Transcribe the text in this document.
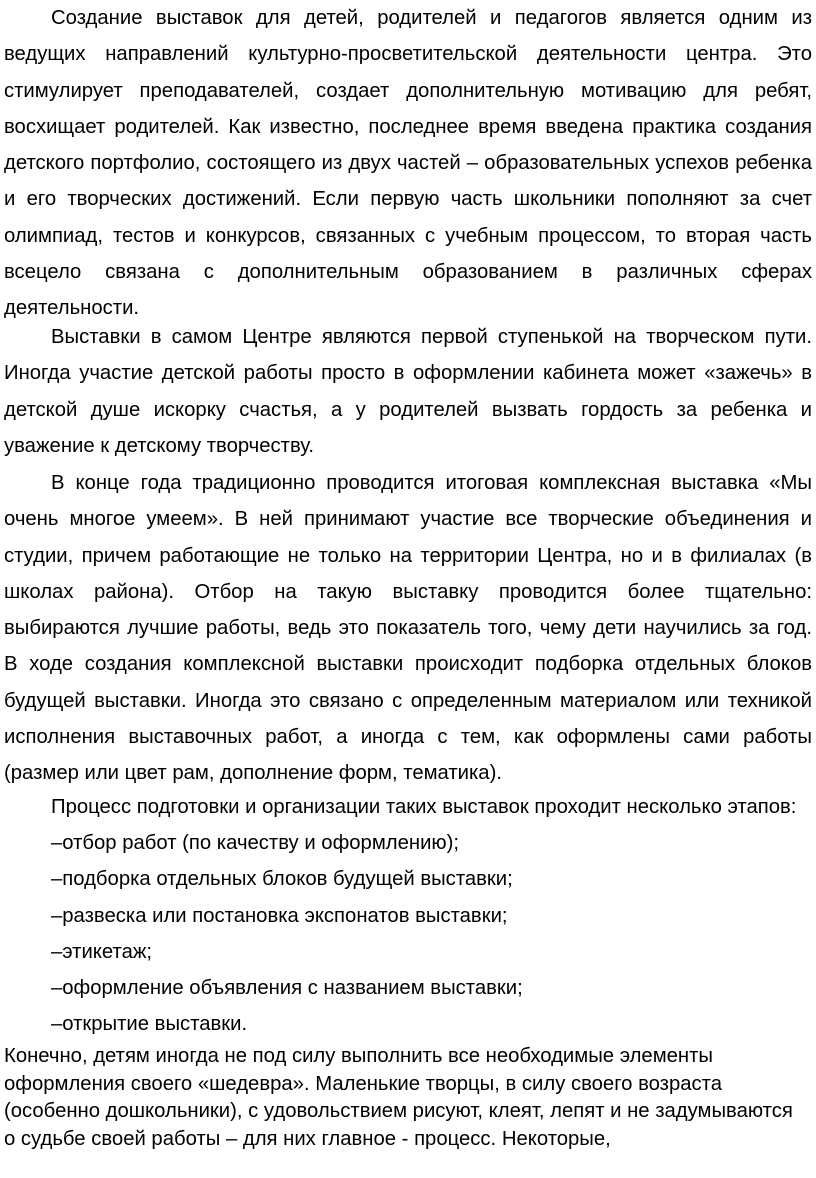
Создание выставок для детей, родителей и педагогов является одним из ведущих направлений культурно-просветительской деятельности центра. Это стимулирует преподавателей, создает дополнительную мотивацию для ребят, восхищает родителей. Как известно, последнее время введена практика создания детского портфолио, состоящего из двух частей – образовательных успехов ребенка и его творческих достижений. Если первую часть школьники пополняют за счет олимпиад, тестов и конкурсов, связанных с учебным процессом, то вторая часть всецело связана с дополнительным образованием в различных сферах деятельности.

Выставки в самом Центре являются первой ступенькой на творческом пути. Иногда участие детской работы просто в оформлении кабинета может «зажечь» в детской душе искорку счастья, а у родителей вызвать гордость за ребенка и уважение к детскому творчеству.

В конце года традиционно проводится итоговая комплексная выставка «Мы очень многое умеем». В ней принимают участие все творческие объединения и студии, причем работающие не только на территории Центра, но и в филиалах (в школах района). Отбор на такую выставку проводится более тщательно: выбираются лучшие работы, ведь это показатель того, чему дети научились за год. В ходе создания комплексной выставки происходит подборка отдельных блоков будущей выставки. Иногда это связано с определенным материалом или техникой исполнения выставочных работ, а иногда с тем, как оформлены сами работы (размер или цвет рам, дополнение форм, тематика).

Процесс подготовки и организации таких выставок проходит несколько этапов:

–отбор работ (по качеству и оформлению);
–подборка отдельных блоков будущей выставки;
–развеска или постановка экспонатов выставки;
–этикетаж;
–оформление объявления с названием выставки;
–открытие выставки.

Конечно, детям иногда не под силу выполнить все необходимые элементы оформления своего «шедевра». Маленькие творцы, в силу своего возраста (особенно дошкольники), с удовольствием рисуют, клеят, лепят и не задумываются о судьбе своей работы – для них главное - процесс. Некоторые,
